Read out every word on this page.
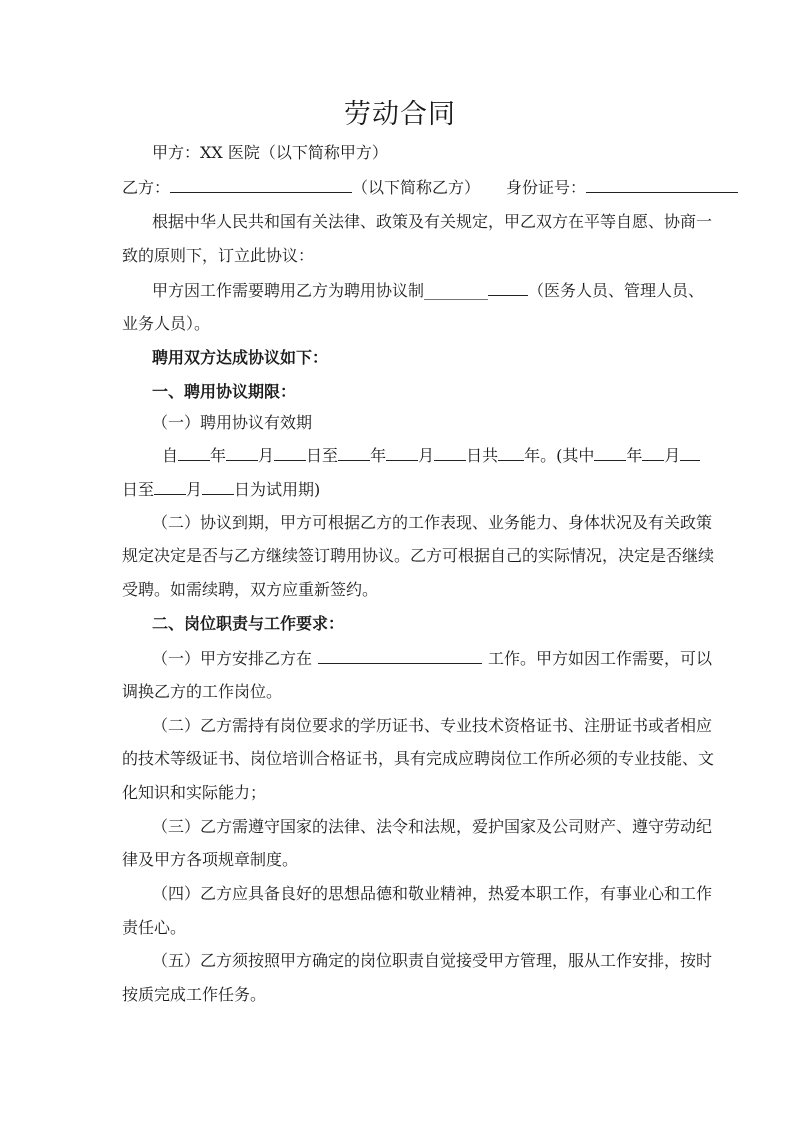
劳动合同
甲方：XX 医院（以下简称甲方）
乙方：	（以下简称乙方） 身份证号：
根据中华人民共和国有关法律、政策及有关规定，甲乙双方在平等自愿、协商一
致的原则下，订立此协议：
甲方因工作需要聘用乙方为聘用协议制________	（医务人员、管理人员、
业务人员）。
聘用双方达成协议如下：
一、聘用协议期限：
（一）聘用协议有效期
自 年 月 日至 年 月 日共 年。(其中 年 月
日至 月 日为试用期)
（二）协议到期，甲方可根据乙方的工作表现、业务能力、身体状况及有关政策
规定决定是否与乙方继续签订聘用协议。乙方可根据自己的实际情况，决定是否继续
受聘。如需续聘，双方应重新签约。
二、岗位职责与工作要求：
（一）甲方安排乙方在	工作。甲方如因工作需要，可以
调换乙方的工作岗位。
（二）乙方需持有岗位要求的学历证书、专业技术资格证书、注册证书或者相应
的技术等级证书、岗位培训合格证书，具有完成应聘岗位工作所必须的专业技能、文
化知识和实际能力；
（三）乙方需遵守国家的法律、法令和法规，爱护国家及公司财产、遵守劳动纪
律及甲方各项规章制度。
（四）乙方应具备良好的思想品德和敬业精神，热爱本职工作，有事业心和工作
责任心。
（五）乙方须按照甲方确定的岗位职责自觉接受甲方管理，服从工作安排，按时
按质完成工作任务。
